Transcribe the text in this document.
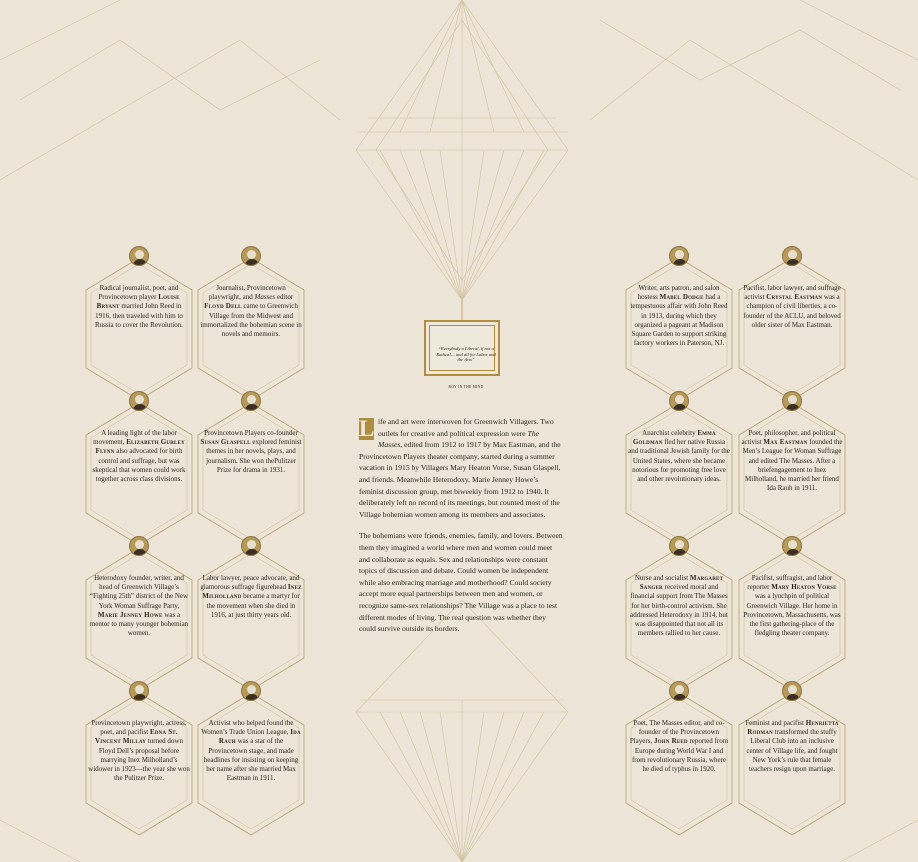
“Everybody a Liberal, if not a Radical— and all for Labor and the Arts”
ROY IN THE MIND

L ife and art were interwoven for Greenwich Villagers. Two outlets for creative and political expression were The Masses, edited from 1912 to 1917 by Max Eastman, and the Provincetown Players theater company, started during a summer vacation in 1915 by Villagers Mary Heaton Vorse, Susan Glaspell, and friends. Meanwhile Heterodoxy, Marie Jenney Howe’s feminist discussion group, met biweekly from 1912 to 1940. It deliberately left no record of its meetings, but counted most of the Village bohemian women among its members and associates.

The bohemians were friends, enemies, family, and lovers. Between them they imagined a world where men and women could meet and collaborate as equals. Sex and relationships were constant topics of discussion and debate. Could women be independent while also embracing marriage and motherhood? Could society accept more equal partnerships between men and women, or recognize same-sex relationships? The Village was a place to test different modes of living. The real question was whether they could survive outside its borders.

Radical journalist, poet, and Provincetown player Louise Bryant married John Reed in 1916, then traveled with him to Russia to cover the Revolution.
Journalist, Provincetown playwright, and Masses editor Floyd Dell came to Greenwich Village from the Midwest and immortalized the bohemian scene in novels and memoirs.
A leading light of the labor movement, Elizabeth Gurley Flynn also advocated for birth control and suffrage, but was skeptical that women could work together across class divisions.
Provincetown Players co-founder Susan Glaspell explored feminist themes in her novels, plays, and journalism. She won thePulitzer Prize for drama in 1931.
Heterodoxy founder, writer, and head of Greenwich Village’s “Fighting 25th” district of the New York Woman Suffrage Party, Marie Jenney Howe was a mentor to many younger bohemian women.
Labor lawyer, peace advocate, and glamorous suffrage figurehead Inez Milholland became a martyr for the movement when she died in 1916, at just thirty years old.
Provincetown playwright, actress, poet, and pacifist Edna St. Vincent Millay turned down Floyd Dell’s proposal before marrying Inez Milholland’s widower in 1923—the year she won the Pulitzer Prize.
Activist who helped found the Women’s Trade Union League, Ida Rauh was a star of the Provincetown stage, and made headlines for insisting on keeping her name after she married Max Eastman in 1911.
Writer, arts patron, and salon hostess Mabel Dodge had a tempestuous affair with John Reed in 1913, during which they organized a pageant at Madison Square Garden to support striking factory workers in Paterson, NJ.
Pacifist, labor lawyer, and suffrage activist Crystal Eastman was a champion of civil liberties, a co-founder of the ACLU, and beloved older sister of Max Eastman.
Anarchist celebrity Emma Goldman fled her native Russia and traditional Jewish family for the United States, where she became notorious for promoting free love and other revolutionary ideas.
Poet, philosopher, and political activist Max Eastman founded the Men’s League for Woman Suffrage and edited The Masses. After a briefengagement to Inez Milholland, he married her friend Ida Rauh in 1911.
Nurse and socialist Margaret Sanger received moral and financial support from The Masses for her birth-control activism. She addressed Heterodoxy in 1914, but was disappointed that not all its members rallied to her cause.
Pacifist, suffragist, and labor reporter Mary Heaton Vorse was a lynchpin of political Greenwich Village. Her home in Provincetown, Massachusetts, was the first gathering-place of the fledgling theater company.
Poet, The Masses editor, and co-founder of the Provincetown Players, John Reed reported from Europe during World War I and from revolutionary Russia, where he died of typhus in 1920.
Feminist and pacifist Henrietta Rodman transformed the stuffy Liberal Club into an inclusive center of Village life, and fought New York’s rule that female teachers resign upon marriage.
